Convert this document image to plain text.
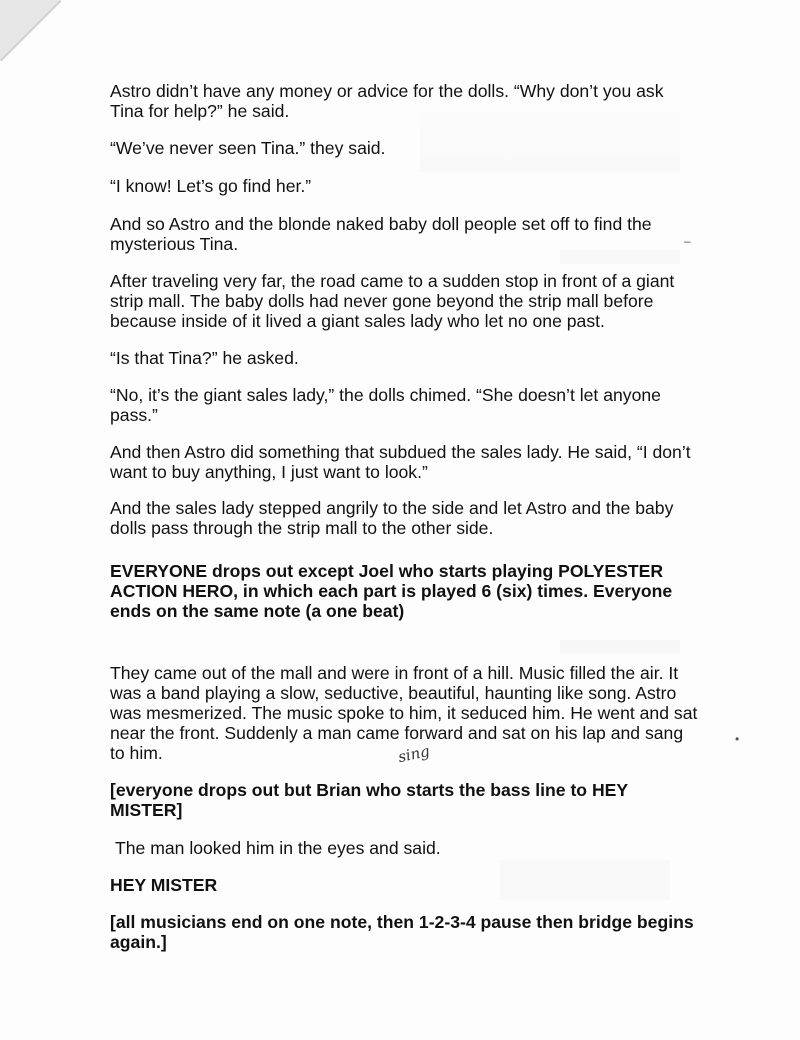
Astro didn’t have any money or advice for the dolls. “Why don’t you ask Tina for help?” he said.

“We’ve never seen Tina.” they said.

“I know! Let’s go find her.”

And so Astro and the blonde naked baby doll people set off to find the mysterious Tina.

After traveling very far, the road came to a sudden stop in front of a giant strip mall. The baby dolls had never gone beyond the strip mall before because inside of it lived a giant sales lady who let no one past.

“Is that Tina?” he asked.

“No, it’s the giant sales lady,” the dolls chimed. “She doesn’t let anyone pass.”

And then Astro did something that subdued the sales lady. He said, “I don’t want to buy anything, I just want to look.”

And the sales lady stepped angrily to the side and let Astro and the baby dolls pass through the strip mall to the other side.

EVERYONE drops out except Joel who starts playing POLYESTER ACTION HERO, in which each part is played 6 (six) times. Everyone ends on the same note (a one beat)

They came out of the mall and were in front of a hill. Music filled the air. It was a band playing a slow, seductive, beautiful, haunting like song. Astro was mesmerized. The music spoke to him, it seduced him. He went and sat near the front. Suddenly a man came forward and sat on his lap and sang to him.

[everyone drops out but Brian who starts the bass line to HEY MISTER]

The man looked him in the eyes and said.

HEY MISTER

[all musicians end on one note, then 1-2-3-4 pause then bridge begins again.]

sing
–
•
